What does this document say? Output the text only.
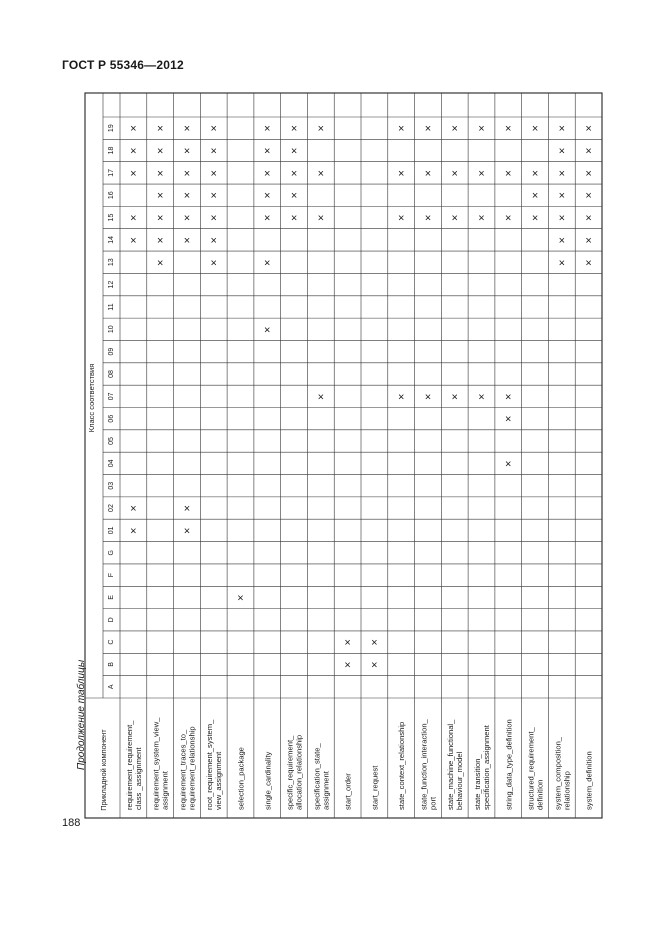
ГОСТ Р 55346—2012
Продолжение таблицы	A
B
C
D
E
F
G
01
02
03
04
05
06
07
08
09
10
11
12
13
14
15
16
17
18
19
requirement_requirement_ class _assignment
×
×
×
×
×
×
×
requirement_system_view_ assignment
×
×
×
×
×
×
×
requirement_traces_to_ requirement_relationship
×
×
×
×
×
×
×
×
root_requirement_system_ view_assignment
×
×
×
×
×
×
×
selection_package
×
single_cardinality
×
×
×
×
×
×
×
specific_requirement_ allocation_relationship
×
×
×
×
×
specification_state_ assignment
×
×
×
×
start_order
×
×
start_request
×
×
state_context_relationship
×
×
×
×
state_function_interaction_ port
×
×
×
×
state_machine_functional_ behaviour_model
×
×
×
×
state_transition_ specification_assignment
×
×
×
×
string_data_type_definition
×
×
×
×
×
×
structured_requirement_ definition
×
×
×
×
system_composition_ relationship
×
×
×
×
×
×
×
system_definition
×
×
×
×
×
×
×
Прикладной компонент
Класс соответствия
188
